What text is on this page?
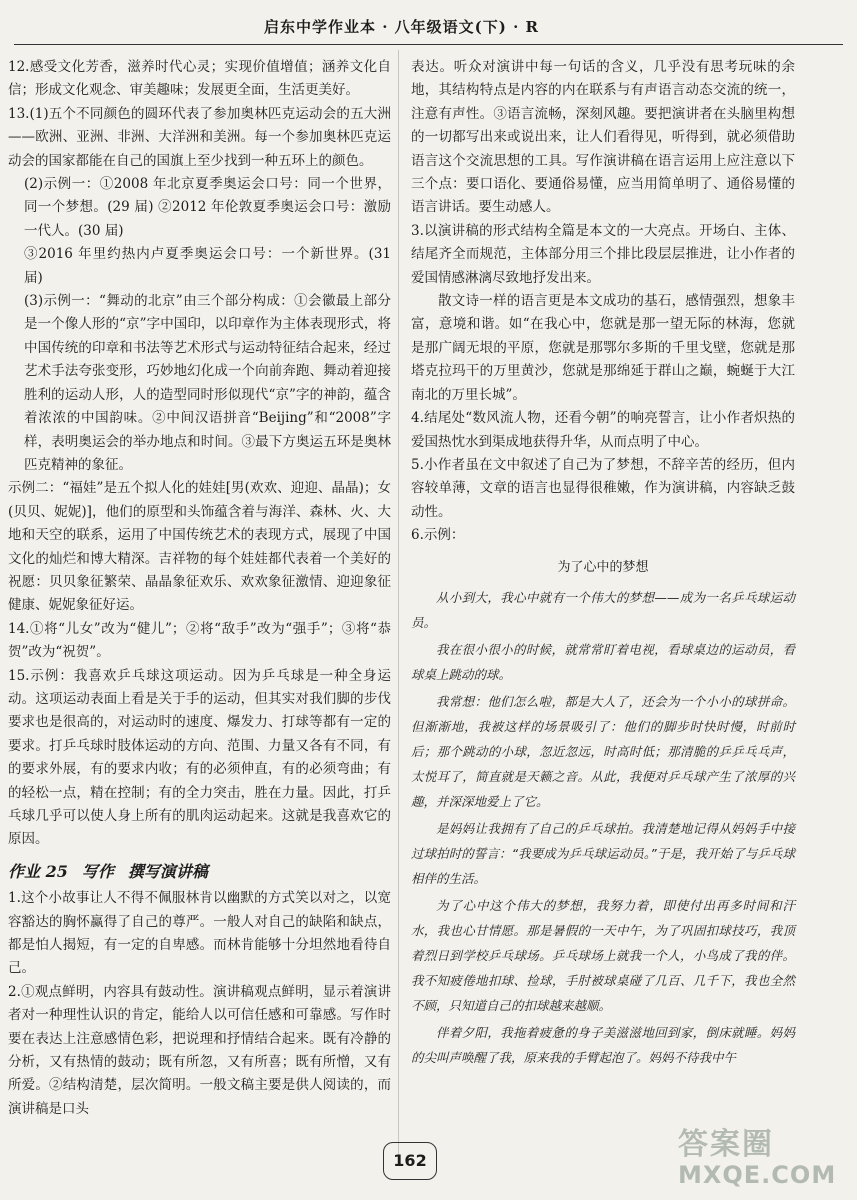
启东中学作业本 · 八年级语文(下) · R

12.感受文化芳香，滋养时代心灵；实现价值增值；涵养文化自信；形成文化观念、审美趣味；发展更全面，生活更美好。

13.(1)五个不同颜色的圆环代表了参加奥林匹克运动会的五大洲——欧洲、亚洲、非洲、大洋洲和美洲。每一个参加奥林匹克运动会的国家都能在自己的国旗上至少找到一种五环上的颜色。

(2)示例一：①2008 年北京夏季奥运会口号：同一个世界，同一个梦想。(29 届) ②2012 年伦敦夏季奥运会口号：激励一代人。(30 届)

③2016 年里约热内卢夏季奥运会口号：一个新世界。(31 届)

(3)示例一：“舞动的北京”由三个部分构成：①会徽最上部分是一个像人形的“京”字中国印，以印章作为主体表现形式，将中国传统的印章和书法等艺术形式与运动特征结合起来，经过艺术手法夸张变形，巧妙地幻化成一个向前奔跑、舞动着迎接胜利的运动人形，人的造型同时形似现代“京”字的神韵，蕴含着浓浓的中国韵味。②中间汉语拼音“Beijing”和“2008”字样，表明奥运会的举办地点和时间。③最下方奥运五环是奥林匹克精神的象征。

示例二：“福娃”是五个拟人化的娃娃[男(欢欢、迎迎、晶晶)；女(贝贝、妮妮)]，他们的原型和头饰蕴含着与海洋、森林、火、大地和天空的联系，运用了中国传统艺术的表现方式，展现了中国文化的灿烂和博大精深。吉祥物的每个娃娃都代表着一个美好的祝愿：贝贝象征繁荣、晶晶象征欢乐、欢欢象征激情、迎迎象征健康、妮妮象征好运。

14.①将“儿女”改为“健儿”；②将“敌手”改为“强手”；③将“恭贺”改为“祝贺”。

15.示例：我喜欢乒乓球这项运动。因为乒乓球是一种全身运动。这项运动表面上看是关于手的运动，但其实对我们脚的步伐要求也是很高的，对运动时的速度、爆发力、打球等都有一定的要求。打乒乓球时肢体运动的方向、范围、力量又各有不同，有的要求外展，有的要求内收；有的必须伸直，有的必须弯曲；有的轻松一点，精在控制；有的全力突击，胜在力量。因此，打乒乓球几乎可以使人身上所有的肌肉运动起来。这就是我喜欢它的原因。

作业 25 写作 撰写演讲稿

1.这个小故事让人不得不佩服林肯以幽默的方式笑以对之，以宽容豁达的胸怀赢得了自己的尊严。一般人对自己的缺陷和缺点，都是怕人揭短，有一定的自卑感。而林肯能够十分坦然地看待自己。

2.①观点鲜明，内容具有鼓动性。演讲稿观点鲜明，显示着演讲者对一种理性认识的肯定，能给人以可信任感和可靠感。写作时要在表达上注意感情色彩，把说理和抒情结合起来。既有冷静的分析，又有热情的鼓动；既有所忽，又有所喜；既有所憎，又有所爱。②结构清楚，层次简明。一般文稿主要是供人阅读的，而演讲稿是口头

表达。听众对演讲中每一句话的含义，几乎没有思考玩味的余地，其结构特点是内容的内在联系与有声语言动态交流的统一，注意有声性。③语言流畅，深刻风趣。要把演讲者在头脑里构想的一切都写出来或说出来，让人们看得见，听得到，就必须借助语言这个交流思想的工具。写作演讲稿在语言运用上应注意以下三个点：要口语化、要通俗易懂，应当用简单明了、通俗易懂的语言讲话。要生动感人。

3.以演讲稿的形式结构全篇是本文的一大亮点。开场白、主体、结尾齐全而规范，主体部分用三个排比段层层推进，让小作者的爱国情感淋漓尽致地抒发出来。

散文诗一样的语言更是本文成功的基石，感情强烈，想象丰富，意境和谐。如“在我心中，您就是那一望无际的林海，您就是那广阔无垠的平原，您就是那鄂尔多斯的千里戈壁，您就是那塔克拉玛干的万里黄沙，您就是那绵延于群山之巅，蜿蜒于大江南北的万里长城”。

4.结尾处“数风流人物，还看今朝”的响亮誓言，让小作者炽热的爱国热忱水到渠成地获得升华，从而点明了中心。

5.小作者虽在文中叙述了自己为了梦想，不辞辛苦的经历，但内容较单薄，文章的语言也显得很稚嫩，作为演讲稿，内容缺乏鼓动性。

6.示例：

为了心中的梦想

从小到大，我心中就有一个伟大的梦想——成为一名乒乓球运动员。

我在很小很小的时候，就常常盯着电视，看球桌边的运动员，看球桌上跳动的球。

我常想：他们怎么啦，都是大人了，还会为一个小小的球拼命。但渐渐地，我被这样的场景吸引了：他们的脚步时快时慢，时前时后；那个跳动的小球，忽近忽远，时高时低；那清脆的乒乒乓乓声，太悦耳了，简直就是天籁之音。从此，我便对乒乓球产生了浓厚的兴趣，并深深地爱上了它。

是妈妈让我拥有了自己的乒乓球拍。我清楚地记得从妈妈手中接过球拍时的誓言：“我要成为乒乓球运动员。”于是，我开始了与乒乓球相伴的生活。

为了心中这个伟大的梦想，我努力着，即使付出再多时间和汗水，我也心甘情愿。那是暑假的一天中午，为了巩固扣球技巧，我顶着烈日到学校乒乓球场。乒乓球场上就我一个人，小鸟成了我的伴。我不知疲倦地扣球、捡球，手肘被球桌碰了几百、几千下，我也全然不顾，只知道自己的扣球越来越顺。

伴着夕阳，我拖着疲惫的身子美滋滋地回到家，倒床就睡。妈妈的尖叫声唤醒了我，原来我的手臂起泡了。妈妈不待我中午

162	答案圈
MXQE.COM
